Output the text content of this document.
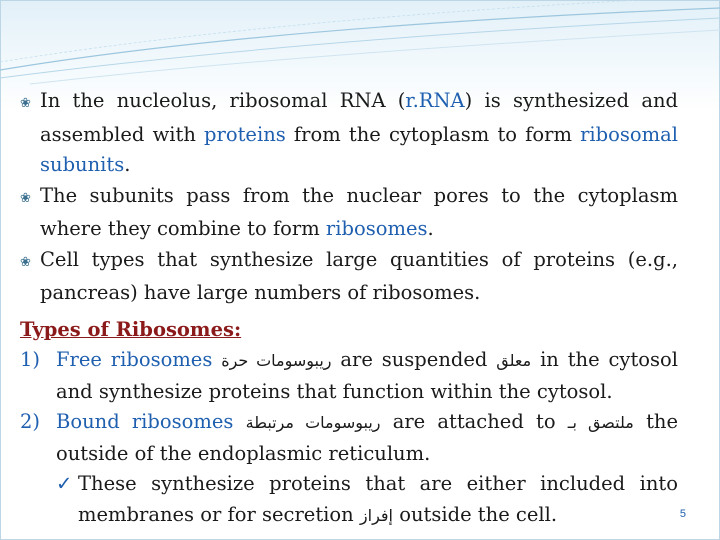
❀ In the nucleolus, ribosomal RNA (r.RNA) is synthesized and assembled with proteins from the cytoplasm to form ribosomal subunits.
❀ The subunits pass from the nuclear pores to the cytoplasm where they combine to form ribosomes.
❀ Cell types that synthesize large quantities of proteins (e.g., pancreas) have large numbers of ribosomes.
Types of Ribosomes:
1) Free ribosomes ريبوسومات حرة are suspended معلق in the cytosol and synthesize proteins that function within the cytosol.
2) Bound ribosomes ريبوسومات مرتبطة are attached to ملتصق بـ the outside of the endoplasmic reticulum.
✓ These synthesize proteins that are either included into membranes or for secretion إفراز outside the cell.	5
